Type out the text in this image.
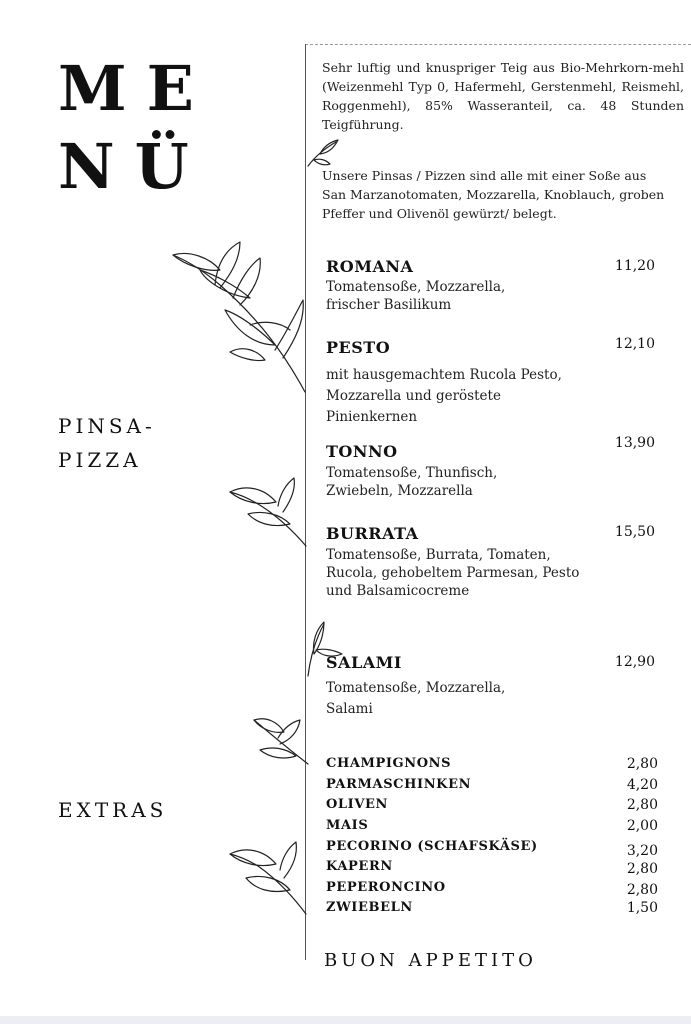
ME
NÜ
PINSA-
PIZZA
EXTRAS
Sehr luftig und knuspriger Teig aus Bio-Mehrkorn-mehl (Weizenmehl Typ 0, Hafermehl, Gerstenmehl, Reismehl, Roggenmehl), 85% Wasseranteil, ca. 48 Stunden Teigführung.
Unsere Pinsas / Pizzen sind alle mit einer Soße aus San Marzanotomaten, Mozzarella, Knoblauch, groben Pfeffer und Olivenöl gewürzt/ belegt.
ROMANA	11,20
Tomatensoße, Mozzarella, frischer Basilikum
PESTO	12,10
mit hausgemachtem Rucola Pesto, Mozzarella und geröstete Pinienkernen
TONNO	13,90
Tomatensoße, Thunfisch, Zwiebeln, Mozzarella
BURRATA	15,50
Tomatensoße, Burrata, Tomaten, Rucola, gehobeltem Parmesan, Pesto und Balsamicocreme
SALAMI	12,90
Tomatensoße, Mozzarella, Salami
CHAMPIGNONS	2,80
PARMASCHINKEN	4,20
OLIVEN	2,80
MAIS	2,00
PECORINO (SCHAFSKÄSE)	3,20
KAPERN	2,80
PEPERONCINO	2,80
ZWIEBELN	1,50
BUON APPETITO
